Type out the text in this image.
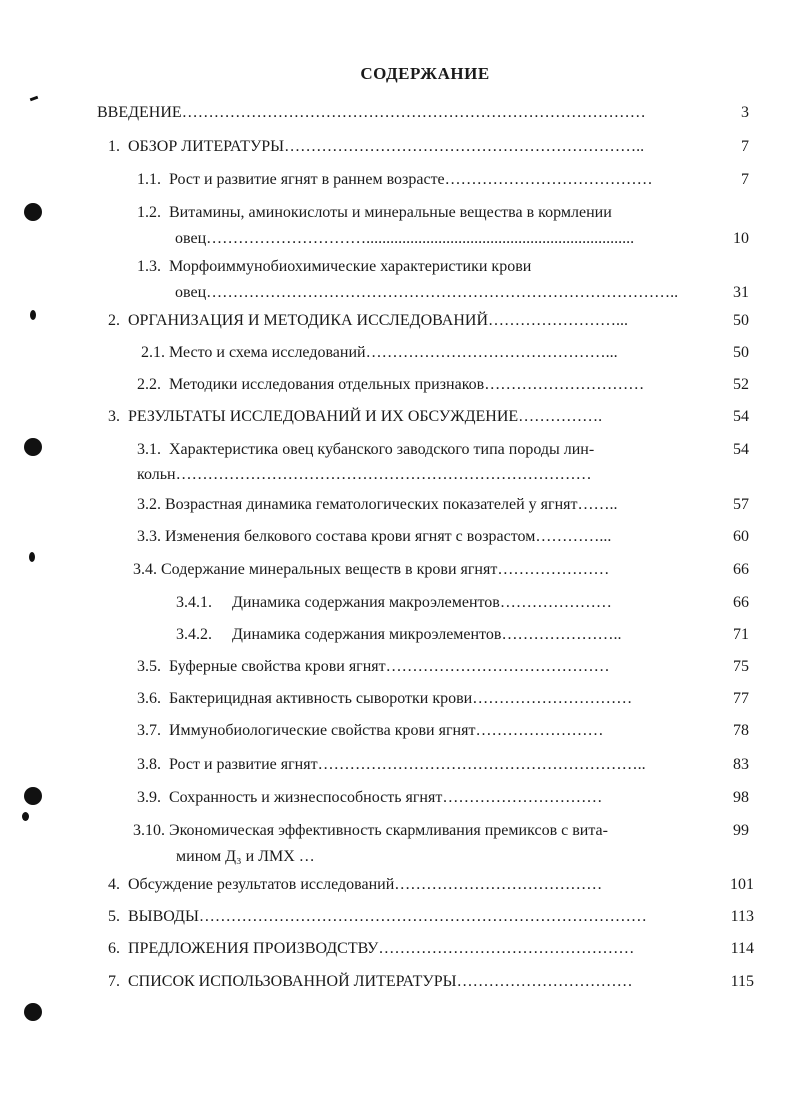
СОДЕРЖАНИЕ
ВВЕДЕНИЕ……………………………………………………………………………	3
1. ОБЗОР ЛИТЕРАТУРЫ…………………………………………………………..	7
1.1. Рост и развитие ягнят в раннем возрасте…………………………………	7
1.2. Витамины, аминокислоты и минеральные вещества в кормлении
овец…………………………...................................................................	10
1.3. Морфоиммунобиохимические характеристики крови
овец……………………………………………………………………………..	31
2. ОРГАНИЗАЦИЯ И МЕТОДИКА ИССЛЕДОВАНИЙ……………………...	50
2.1. Место и схема исследований………………………………………...	50
2.2. Методики исследования отдельных признаков…………………………	52
3. РЕЗУЛЬТАТЫ ИССЛЕДОВАНИЙ И ИХ ОБСУЖДЕНИЕ…………….	54
3.1. Характеристика овец кубанского заводского типа породы лин-	54
кольн……………………………………………………………………
3.2. Возрастная динамика гематологических показателей у ягнят……..	57
3.3. Изменения белкового состава крови ягнят с возрастом…………...	60
3.4. Содержание минеральных веществ в крови ягнят…………………	66
3.4.1. Динамика содержания макроэлементов…………………	66
3.4.2. Динамика содержания микроэлементов…………………..	71
3.5. Буферные свойства крови ягнят……………………………………	75
3.6. Бактерицидная активность сыворотки крови…………………………	77
3.7. Иммунобиологические свойства крови ягнят……………………	78
3.8. Рост и развитие ягнят……………………………………………………..	83
3.9. Сохранность и жизнеспособность ягнят…………………………	98
3.10. Экономическая эффективность скармливания премиксов с вита-	99
мином Д₃ и ЛМХ …
4. Обсуждение результатов исследований…………………………………	101
5. ВЫВОДЫ…………………………………………………………………………	113
6. ПРЕДЛОЖЕНИЯ ПРОИЗВОДСТВУ…………………………………………	114
7. СПИСОК ИСПОЛЬЗОВАННОЙ ЛИТЕРАТУРЫ……………………………	115
